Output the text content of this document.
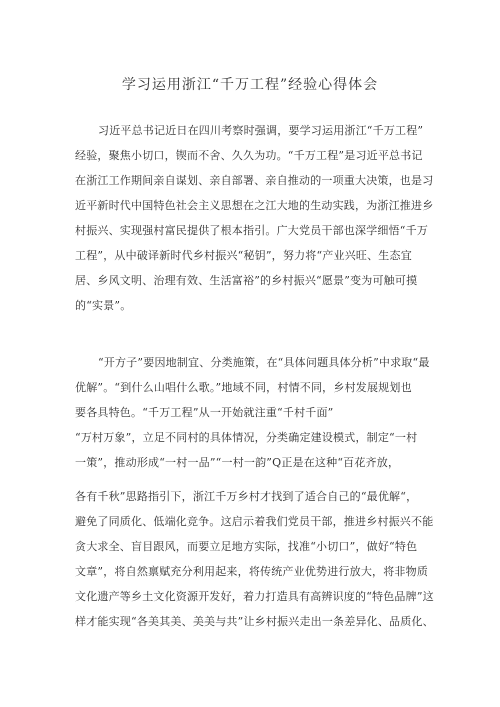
学习运用浙江“千万工程”经验心得体会
习近平总书记近日在四川考察时强调，要学习运用浙江“千万工程”
经验，聚焦小切口，锲而不舍、久久为功。“千万工程”是习近平总书记
在浙江工作期间亲自谋划、亲自部署、亲自推动的一项重大决策，也是习
近平新时代中国特色社会主义思想在之江大地的生动实践，为浙江推进乡
村振兴、实现强村富民提供了根本指引。广大党员干部也深学细悟“千万
工程”，从中破译新时代乡村振兴“秘钥”，努力将“产业兴旺、生态宜
居、乡风文明、治理有效、生活富裕”的乡村振兴“愿景”变为可触可摸
的“实景”。
“开方子”要因地制宜、分类施策，在“具体问题具体分析”中求取“最
优解”。“到什么山唱什么歌。”地域不同，村情不同，乡村发展规划也
要各具特色。“千万工程”从一开始就注重“千村千面”
“万村万象”，立足不同村的具体情况，分类确定建设模式，制定“一村
一策”，推动形成“一村一品”“一村一韵”Q正是在这种“百花齐放，
各有千秋”思路指引下，浙江千万乡村才找到了适合自己的“最优解“，
避免了同质化、低端化竞争。这启示着我们党员干部，推进乡村振兴不能
贪大求全、盲目跟风，而要立足地方实际，找准“小切口”，做好“特色
文章”，将自然禀赋充分利用起来，将传统产业优势进行放大，将非物质
文化遗产等乡土文化资源开发好，着力打造具有高辨识度的“特色品牌”这
样才能实现“各美其美、美美与共”让乡村振兴走出一条差异化、品质化、
